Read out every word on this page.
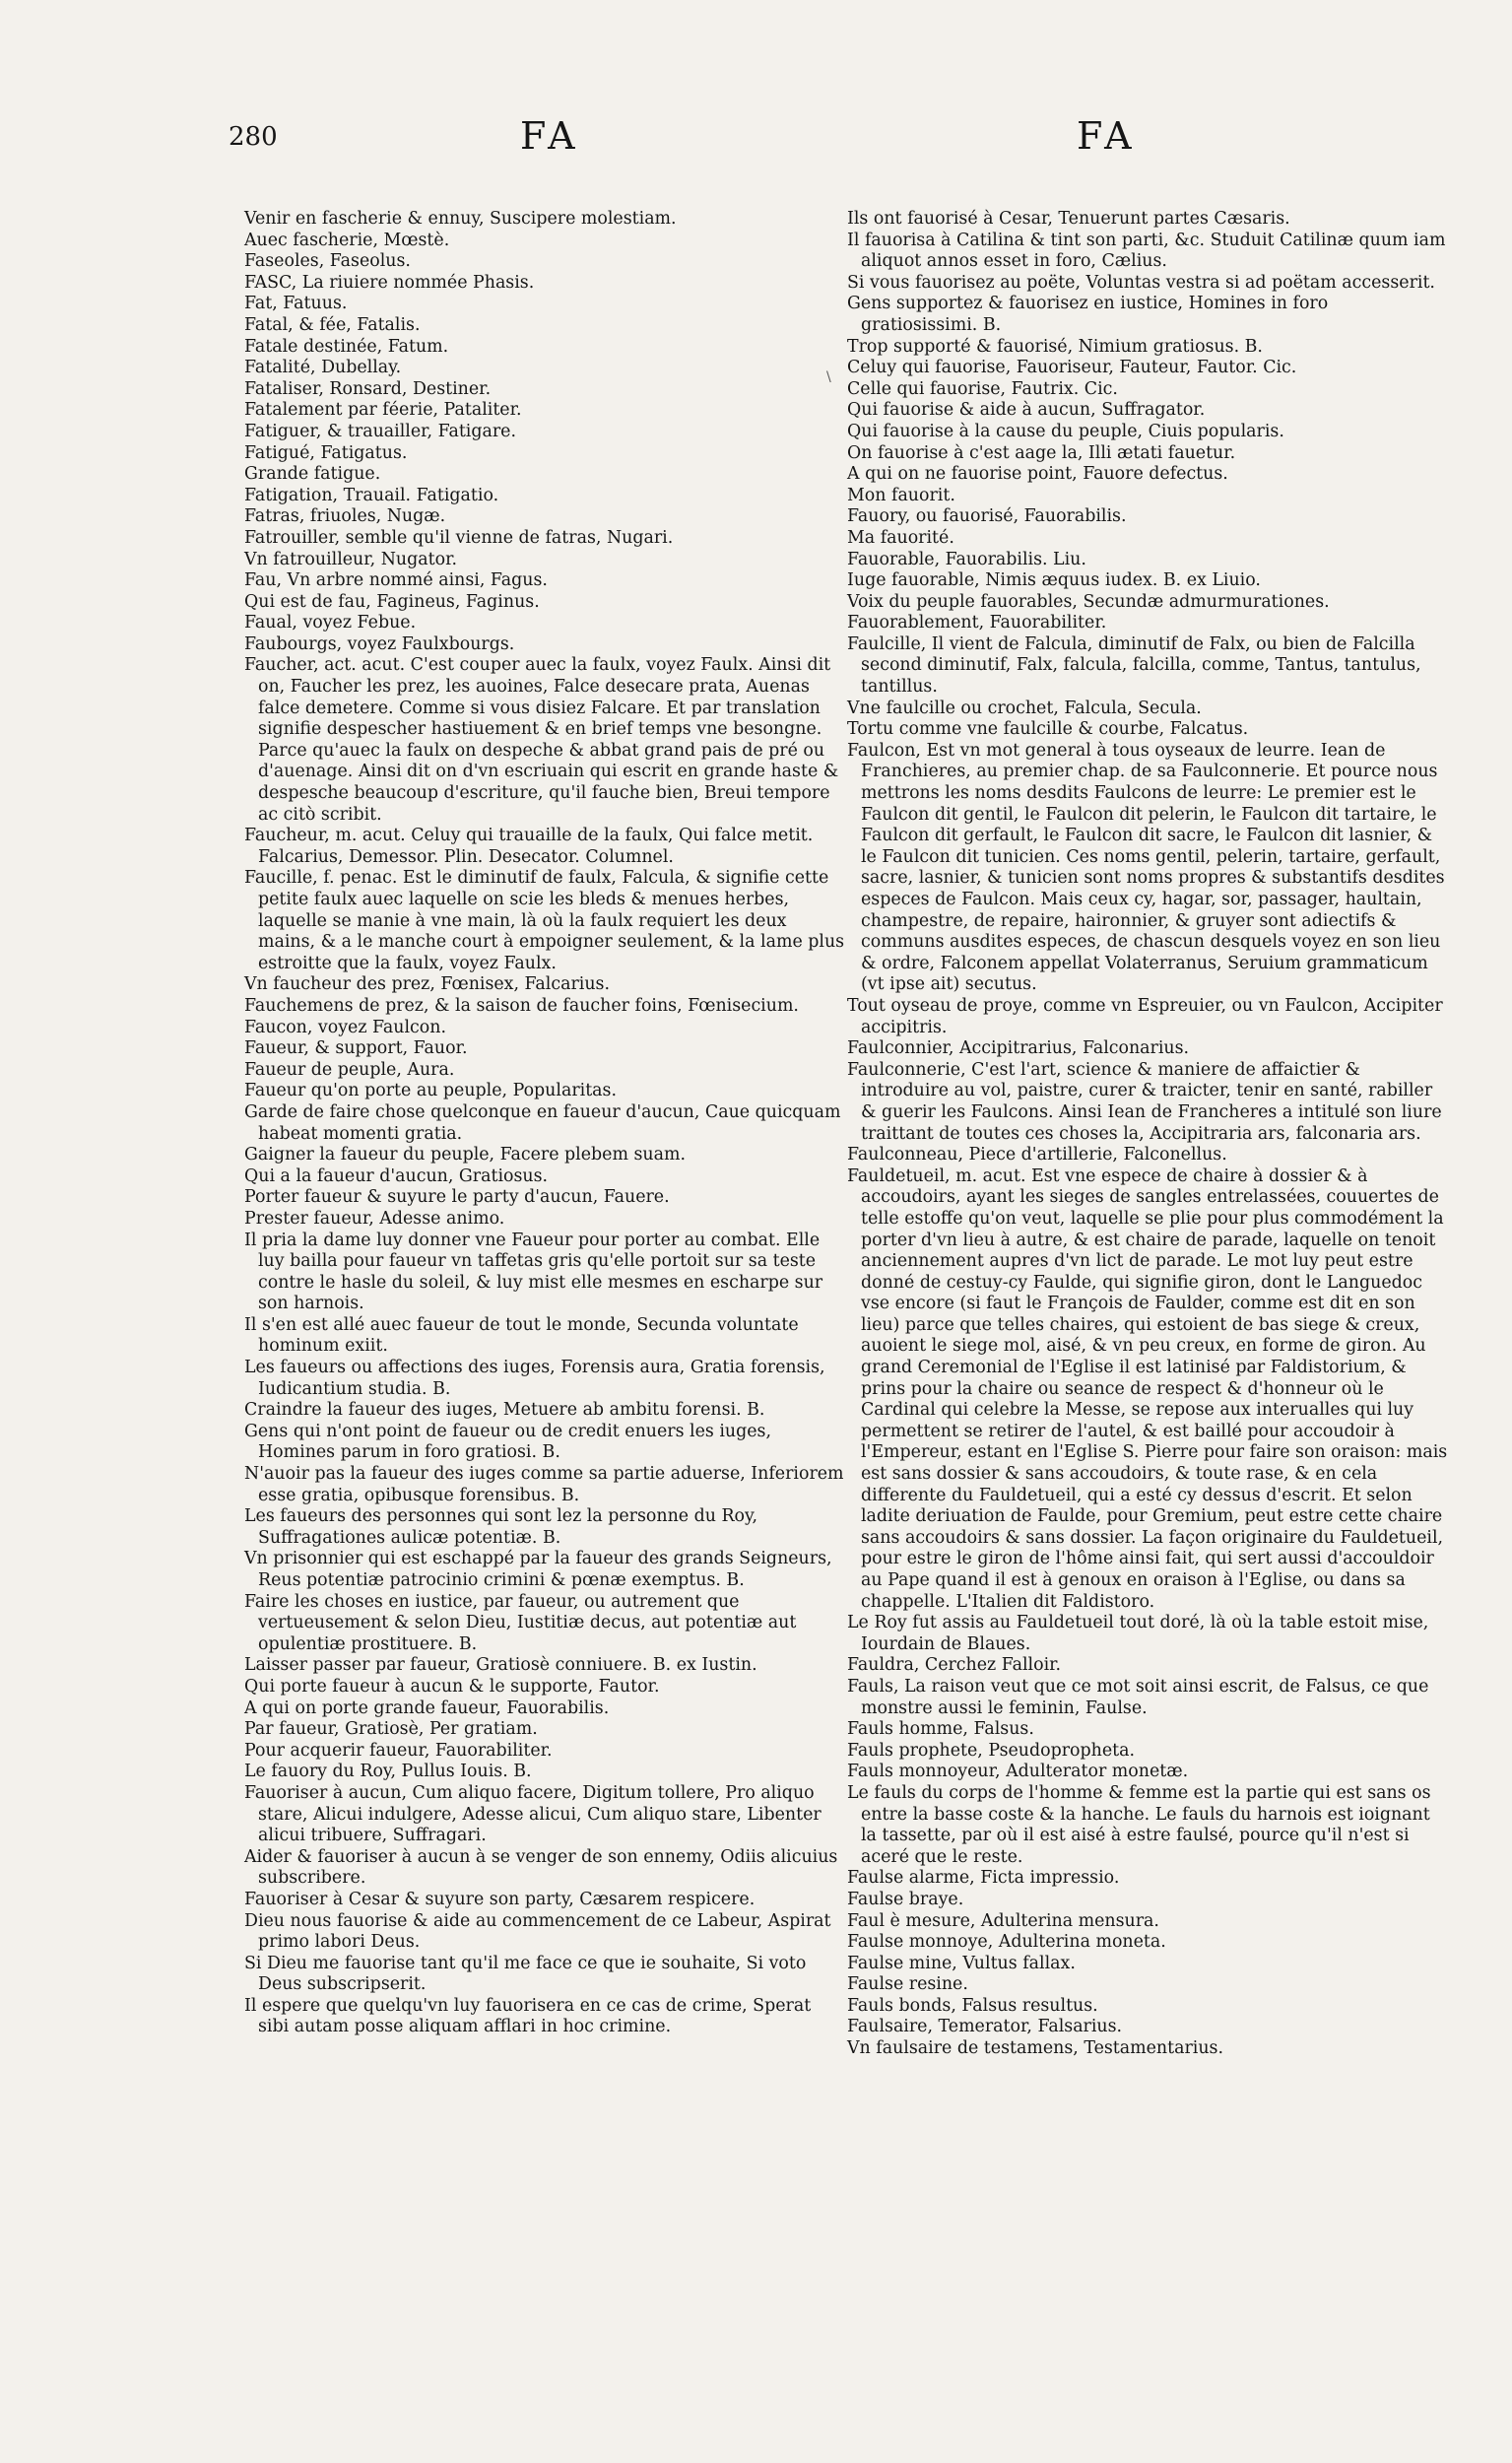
280	FA	FA
\

Venir en fascherie & ennuy, Suscipere molestiam.

Auec fascherie, Mœstè.

Faseoles, Faseolus.

FASC, La riuiere nommée Phasis.

Fat, Fatuus.

Fatal, & fée, Fatalis.

Fatale destinée, Fatum.

Fatalité, Dubellay.

Fataliser, Ronsard, Destiner.

Fatalement par féerie, Pataliter.

Fatiguer, & trauailler, Fatigare.

Fatigué, Fatigatus.

Grande fatigue.

Fatigation, Trauail. Fatigatio.

Fatras, friuoles, Nugæ.

Fatrouiller, semble qu'il vienne de fatras, Nugari.

Vn fatrouilleur, Nugator.

Fau, Vn arbre nommé ainsi, Fagus.

Qui est de fau, Fagineus, Faginus.

Faual, voyez Febue.

Faubourgs, voyez Faulxbourgs.

Faucher, act. acut. C'est couper auec la faulx, voyez Faulx. Ainsi dit on, Faucher les prez, les auoines, Falce desecare prata, Auenas falce demetere. Comme si vous disiez Falcare. Et par translation signifie despescher hastiuement & en brief temps vne besongne. Parce qu'auec la faulx on despeche & abbat grand pais de pré ou d'auenage. Ainsi dit on d'vn escriuain qui escrit en grande haste & despesche beaucoup d'escriture, qu'il fauche bien, Breui tempore ac citò scribit.

Faucheur, m. acut. Celuy qui trauaille de la faulx, Qui falce metit. Falcarius, Demessor. Plin. Desecator. Columnel.

Faucille, f. penac. Est le diminutif de faulx, Falcula, & signifie cette petite faulx auec laquelle on scie les bleds & menues herbes, laquelle se manie à vne main, là où la faulx requiert les deux mains, & a le manche court à empoigner seulement, & la lame plus estroitte que la faulx, voyez Faulx.

Vn faucheur des prez, Fœnisex, Falcarius.

Fauchemens de prez, & la saison de faucher foins, Fœnisecium.

Faucon, voyez Faulcon.

Faueur, & support, Fauor.

Faueur de peuple, Aura.

Faueur qu'on porte au peuple, Popularitas.

Garde de faire chose quelconque en faueur d'aucun, Caue quicquam habeat momenti gratia.

Gaigner la faueur du peuple, Facere plebem suam.

Qui a la faueur d'aucun, Gratiosus.

Porter faueur & suyure le party d'aucun, Fauere.

Prester faueur, Adesse animo.

Il pria la dame luy donner vne Faueur pour porter au combat. Elle luy bailla pour faueur vn taffetas gris qu'elle portoit sur sa teste contre le hasle du soleil, & luy mist elle mesmes en escharpe sur son harnois.

Il s'en est allé auec faueur de tout le monde, Secunda voluntate hominum exiit.

Les faueurs ou affections des iuges, Forensis aura, Gratia forensis, Iudicantium studia. B.

Craindre la faueur des iuges, Metuere ab ambitu forensi. B.

Gens qui n'ont point de faueur ou de credit enuers les iuges, Homines parum in foro gratiosi. B.

N'auoir pas la faueur des iuges comme sa partie aduerse, Inferiorem esse gratia, opibusque forensibus. B.

Les faueurs des personnes qui sont lez la personne du Roy, Suffragationes aulicæ potentiæ. B.

Vn prisonnier qui est eschappé par la faueur des grands Seigneurs, Reus potentiæ patrocinio crimini & pœnæ exemptus. B.

Faire les choses en iustice, par faueur, ou autrement que vertueusement & selon Dieu, Iustitiæ decus, aut potentiæ aut opulentiæ prostituere. B.

Laisser passer par faueur, Gratiosè conniuere. B. ex Iustin.

Qui porte faueur à aucun & le supporte, Fautor.

A qui on porte grande faueur, Fauorabilis.

Par faueur, Gratiosè, Per gratiam.

Pour acquerir faueur, Fauorabiliter.

Le fauory du Roy, Pullus Iouis. B.

Fauoriser à aucun, Cum aliquo facere, Digitum tollere, Pro aliquo stare, Alicui indulgere, Adesse alicui, Cum aliquo stare, Libenter alicui tribuere, Suffragari.

Aider & fauoriser à aucun à se venger de son ennemy, Odiis alicuius subscribere.

Fauoriser à Cesar & suyure son party, Cæsarem respicere.

Dieu nous fauorise & aide au commencement de ce Labeur, Aspirat primo labori Deus.

Si Dieu me fauorise tant qu'il me face ce que ie souhaite, Si voto Deus subscripserit.

Il espere que quelqu'vn luy fauorisera en ce cas de crime, Sperat sibi autam posse aliquam afflari in hoc crimine.

Ils ont fauorisé à Cesar, Tenuerunt partes Cæsaris.

Il fauorisa à Catilina & tint son parti, &c. Studuit Catilinæ quum iam aliquot annos esset in foro, Cælius.

Si vous fauorisez au poëte, Voluntas vestra si ad poëtam accesserit.

Gens supportez & fauorisez en iustice, Homines in foro gratiosissimi. B.

Trop supporté & fauorisé, Nimium gratiosus. B.

Celuy qui fauorise, Fauoriseur, Fauteur, Fautor. Cic.

Celle qui fauorise, Fautrix. Cic.

Qui fauorise & aide à aucun, Suffragator.

Qui fauorise à la cause du peuple, Ciuis popularis.

On fauorise à c'est aage la, Illi ætati fauetur.

A qui on ne fauorise point, Fauore defectus.

Mon fauorit.

Fauory, ou fauorisé, Fauorabilis.

Ma fauorité.

Fauorable, Fauorabilis. Liu.

Iuge fauorable, Nimis æquus iudex. B. ex Liuio.

Voix du peuple fauorables, Secundæ admurmurationes.

Fauorablement, Fauorabiliter.

Faulcille, Il vient de Falcula, diminutif de Falx, ou bien de Falcilla second diminutif, Falx, falcula, falcilla, comme, Tantus, tantulus, tantillus.

Vne faulcille ou crochet, Falcula, Secula.

Tortu comme vne faulcille & courbe, Falcatus.

Faulcon, Est vn mot general à tous oyseaux de leurre. Iean de Franchieres, au premier chap. de sa Faulconnerie. Et pource nous mettrons les noms desdits Faulcons de leurre: Le premier est le Faulcon dit gentil, le Faulcon dit pelerin, le Faulcon dit tartaire, le Faulcon dit gerfault, le Faulcon dit sacre, le Faulcon dit lasnier, & le Faulcon dit tunicien. Ces noms gentil, pelerin, tartaire, gerfault, sacre, lasnier, & tunicien sont noms propres & substantifs desdites especes de Faulcon. Mais ceux cy, hagar, sor, passager, haultain, champestre, de repaire, haironnier, & gruyer sont adiectifs & communs ausdites especes, de chascun desquels voyez en son lieu & ordre, Falconem appellat Volaterranus, Seruium grammaticum (vt ipse ait) secutus.

Tout oyseau de proye, comme vn Espreuier, ou vn Faulcon, Accipiter accipitris.

Faulconnier, Accipitrarius, Falconarius.

Faulconnerie, C'est l'art, science & maniere de affaictier & introduire au vol, paistre, curer & traicter, tenir en santé, rabiller & guerir les Faulcons. Ainsi Iean de Francheres a intitulé son liure traittant de toutes ces choses la, Accipitraria ars, falconaria ars.

Faulconneau, Piece d'artillerie, Falconellus.

Fauldetueil, m. acut. Est vne espece de chaire à dossier & à accoudoirs, ayant les sieges de sangles entrelassées, couuertes de telle estoffe qu'on veut, laquelle se plie pour plus commodément la porter d'vn lieu à autre, & est chaire de parade, laquelle on tenoit anciennement aupres d'vn lict de parade. Le mot luy peut estre donné de cestuy-cy Faulde, qui signifie giron, dont le Languedoc vse encore (si faut le François de Faulder, comme est dit en son lieu) parce que telles chaires, qui estoient de bas siege & creux, auoient le siege mol, aisé, & vn peu creux, en forme de giron. Au grand Ceremonial de l'Eglise il est latinisé par Faldistorium, & prins pour la chaire ou seance de respect & d'honneur où le Cardinal qui celebre la Messe, se repose aux interualles qui luy permettent se retirer de l'autel, & est baillé pour accoudoir à l'Empereur, estant en l'Eglise S. Pierre pour faire son oraison: mais est sans dossier & sans accoudoirs, & toute rase, & en cela differente du Fauldetueil, qui a esté cy dessus d'escrit. Et selon ladite deriuation de Faulde, pour Gremium, peut estre cette chaire sans accoudoirs & sans dossier. La façon originaire du Fauldetueil, pour estre le giron de l'hôme ainsi fait, qui sert aussi d'accouldoir au Pape quand il est à genoux en oraison à l'Eglise, ou dans sa chappelle. L'Italien dit Faldistoro.

Le Roy fut assis au Fauldetueil tout doré, là où la table estoit mise, Iourdain de Blaues.

Fauldra, Cerchez Falloir.

Fauls, La raison veut que ce mot soit ainsi escrit, de Falsus, ce que monstre aussi le feminin, Faulse.

Fauls homme, Falsus.

Fauls prophete, Pseudopropheta.

Fauls monnoyeur, Adulterator monetæ.

Le fauls du corps de l'homme & femme est la partie qui est sans os entre la basse coste & la hanche. Le fauls du harnois est ioignant la tassette, par où il est aisé à estre faulsé, pource qu'il n'est si aceré que le reste.

Faulse alarme, Ficta impressio.

Faulse braye.

Faul è mesure, Adulterina mensura.

Faulse monnoye, Adulterina moneta.

Faulse mine, Vultus fallax.

Faulse resine.

Fauls bonds, Falsus resultus.

Faulsaire, Temerator, Falsarius.

Vn faulsaire de testamens, Testamentarius.
